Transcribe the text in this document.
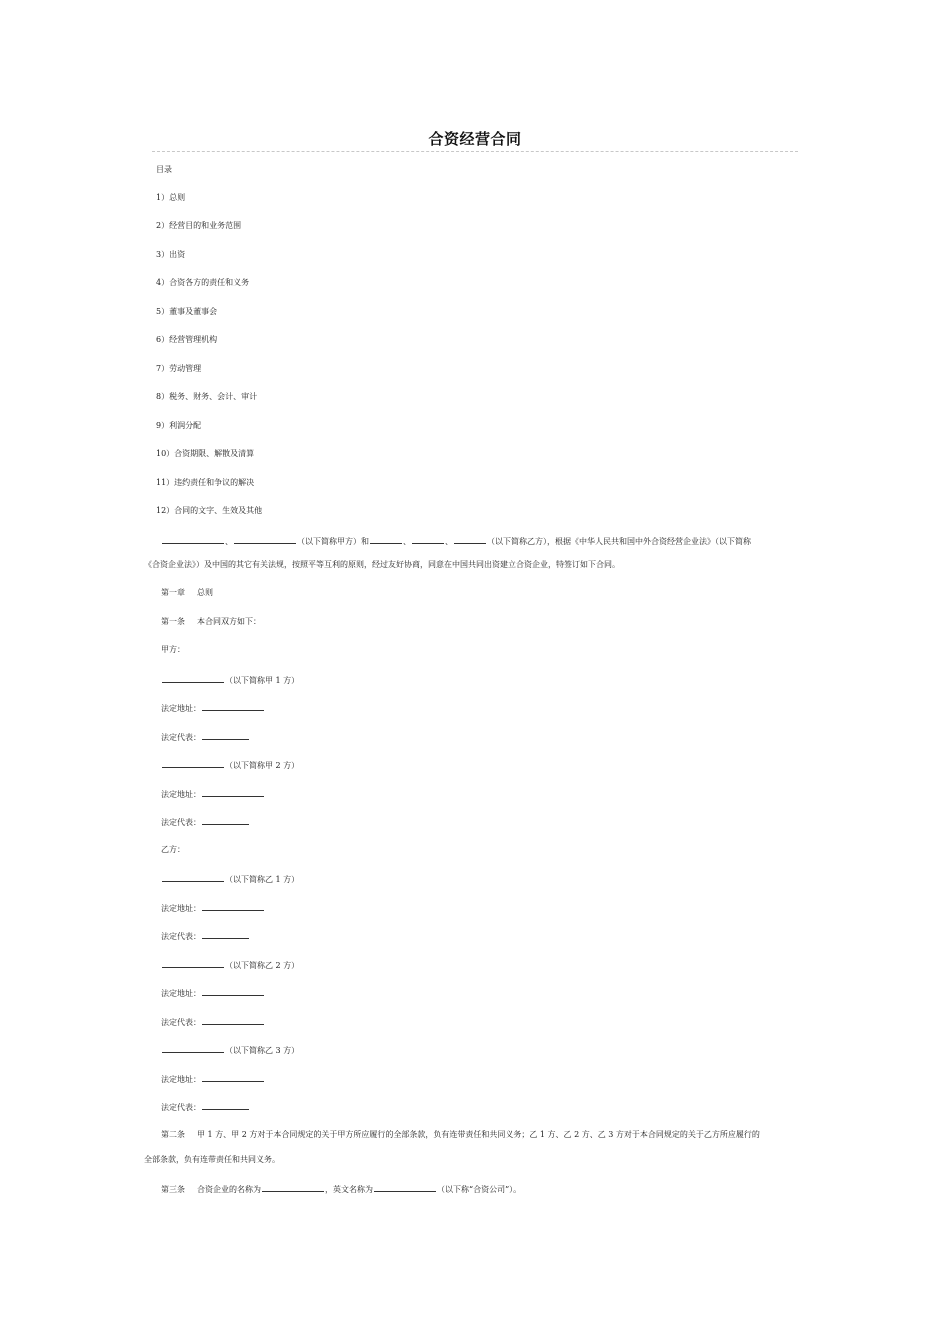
合资经营合同
目录
1）总则
2）经营目的和业务范围
3）出资
4）合资各方的责任和义务
5）董事及董事会
6）经营管理机构
7）劳动管理
8）税务、财务、会计、审计
9）利润分配
10）合资期限、解散及清算
11）违约责任和争议的解决
12）合同的文字、生效及其他
、	（以下简称甲方）和	、	、	（以下简称乙方），根据《中华人民共和国中外合资经营企业法》（以下简称
《合资企业法》）及中国的其它有关法规，按照平等互利的原则，经过友好协商，同意在中国共同出资建立合资企业，特签订如下合同。
第一章 总则
第一条 本合同双方如下：
甲方：
（以下简称甲 1 方）
法定地址：
法定代表：
（以下简称甲 2 方）
法定地址：
法定代表：
乙方：
（以下简称乙 1 方）
法定地址：
法定代表：
（以下简称乙 2 方）
法定地址：
法定代表：
（以下简称乙 3 方）
法定地址：
法定代表：
第二条 甲 1 方、甲 2 方对于本合同规定的关于甲方所应履行的全部条款，负有连带责任和共同义务；乙 1 方、乙 2 方、乙 3 方对于本合同规定的关于乙方所应履行的
全部条款，负有连带责任和共同义务。
第三条 合资企业的名称为	，英文名称为	（以下称“合资公司”）。
